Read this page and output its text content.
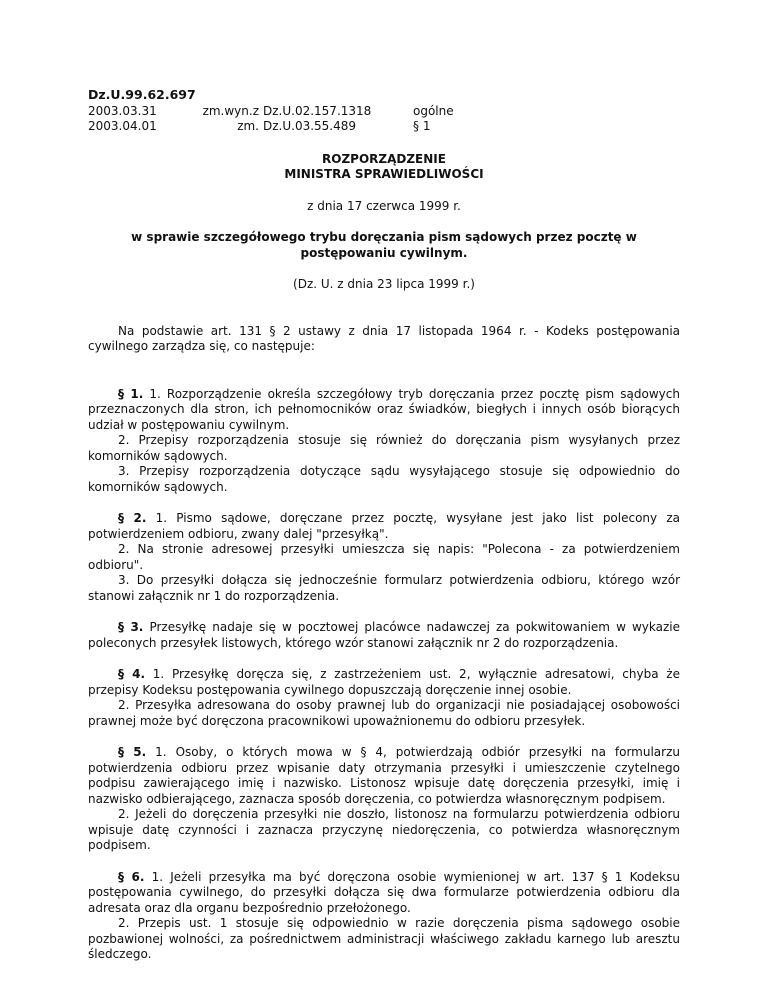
Dz.U.99.62.697
2003.03.31	zm.wyn.z Dz.U.02.157.1318	ogólne
2003.04.01	zm. Dz.U.03.55.489	§ 1
ROZPORZĄDZENIE
MINISTRA SPRAWIEDLIWOŚCI
z dnia 17 czerwca 1999 r.
w sprawie szczegółowego trybu doręczania pism sądowych przez pocztę w postępowaniu cywilnym.
(Dz. U. z dnia 23 lipca 1999 r.)
Na podstawie art. 131 § 2 ustawy z dnia 17 listopada 1964 r. - Kodeks postępowania cywilnego zarządza się, co następuje:

§ 1. 1. Rozporządzenie określa szczegółowy tryb doręczania przez pocztę pism sądowych przeznaczonych dla stron, ich pełnomocników oraz świadków, biegłych i innych osób biorących udział w postępowaniu cywilnym.

2. Przepisy rozporządzenia stosuje się również do doręczania pism wysyłanych przez komorników sądowych.

3. Przepisy rozporządzenia dotyczące sądu wysyłającego stosuje się odpowiednio do komorników sądowych.

§ 2. 1. Pismo sądowe, doręczane przez pocztę, wysyłane jest jako list polecony za potwierdzeniem odbioru, zwany dalej "przesyłką".

2. Na stronie adresowej przesyłki umieszcza się napis: "Polecona - za potwierdzeniem odbioru".

3. Do przesyłki dołącza się jednocześnie formularz potwierdzenia odbioru, którego wzór stanowi załącznik nr 1 do rozporządzenia.

§ 3. Przesyłkę nadaje się w pocztowej placówce nadawczej za pokwitowaniem w wykazie poleconych przesyłek listowych, którego wzór stanowi załącznik nr 2 do rozporządzenia.

§ 4. 1. Przesyłkę doręcza się, z zastrzeżeniem ust. 2, wyłącznie adresatowi, chyba że przepisy Kodeksu postępowania cywilnego dopuszczają doręczenie innej osobie.

2. Przesyłka adresowana do osoby prawnej lub do organizacji nie posiadającej osobowości prawnej może być doręczona pracownikowi upoważnionemu do odbioru przesyłek.

§ 5. 1. Osoby, o których mowa w § 4, potwierdzają odbiór przesyłki na formularzu potwierdzenia odbioru przez wpisanie daty otrzymania przesyłki i umieszczenie czytelnego podpisu zawierającego imię i nazwisko. Listonosz wpisuje datę doręczenia przesyłki, imię i nazwisko odbierającego, zaznacza sposób doręczenia, co potwierdza własnoręcznym podpisem.

2. Jeżeli do doręczenia przesyłki nie doszło, listonosz na formularzu potwierdzenia odbioru wpisuje datę czynności i zaznacza przyczynę niedoręczenia, co potwierdza własnoręcznym podpisem.

§ 6. 1. Jeżeli przesyłka ma być doręczona osobie wymienionej w art. 137 § 1 Kodeksu postępowania cywilnego, do przesyłki dołącza się dwa formularze potwierdzenia odbioru dla adresata oraz dla organu bezpośrednio przełożonego.

2. Przepis ust. 1 stosuje się odpowiednio w razie doręczenia pisma sądowego osobie pozbawionej wolności, za pośrednictwem administracji właściwego zakładu karnego lub aresztu śledczego.
